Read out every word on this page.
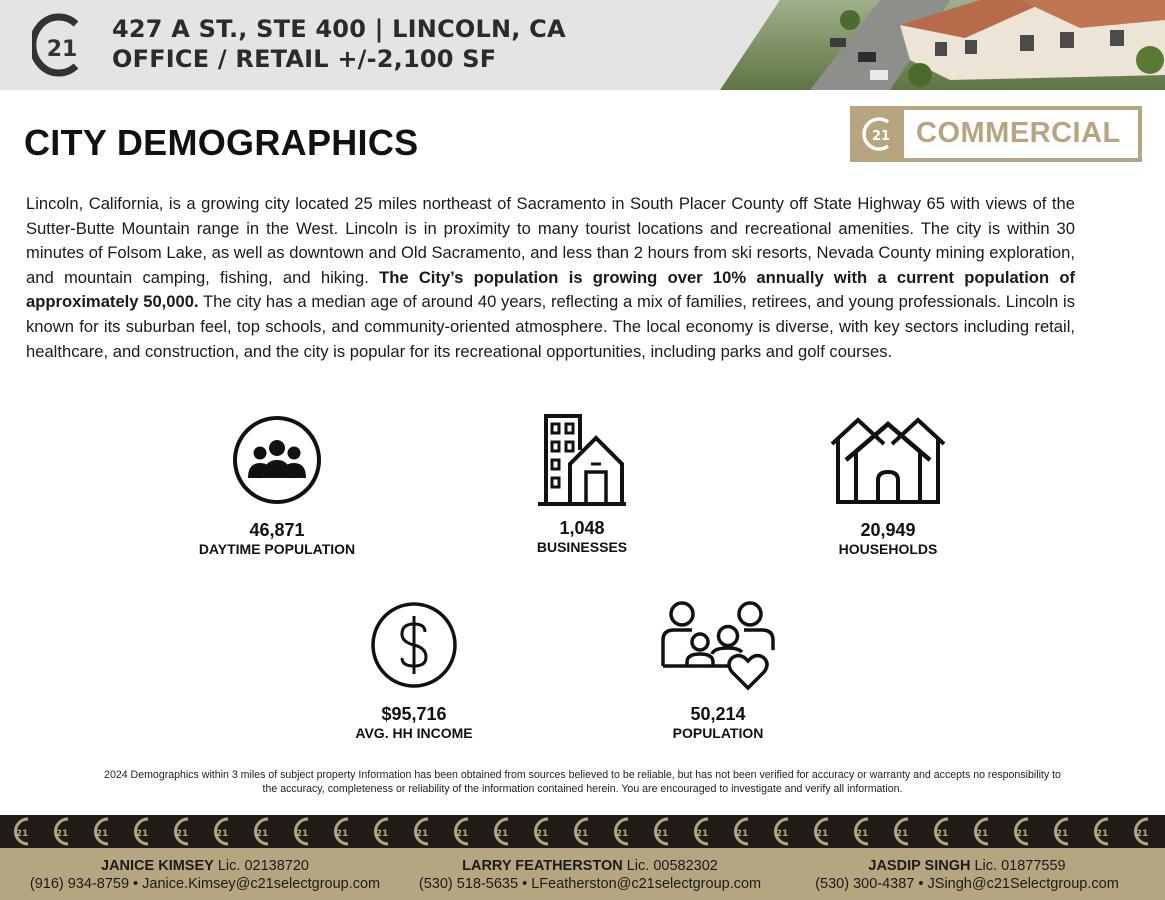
21
427 A ST., STE 400 | LINCOLN, CA
OFFICE / RETAIL +/-2,100 SF
CITY DEMOGRAPHICS	21 COMMERCIAL

Lincoln, California, is a growing city located 25 miles northeast of Sacramento in South Placer County off State Highway 65 with views of the Sutter-Butte Mountain range in the West. Lincoln is in proximity to many tourist locations and recreational amenities. The city is within 30 minutes of Folsom Lake, as well as downtown and Old Sacramento, and less than 2 hours from ski resorts, Nevada County mining exploration, and mountain camping, fishing, and hiking. The City’s population is growing over 10% annually with a current population of approximately 50,000. The city has a median age of around 40 years, reflecting a mix of families, retirees, and young professionals. Lincoln is known for its suburban feel, top schools, and community-oriented atmosphere. The local economy is diverse, with key sectors including retail, healthcare, and construction, and the city is popular for its recreational opportunities, including parks and golf courses.

46,871
DAYTIME POPULATION
1,048
BUSINESSES
20,949
HOUSEHOLDS
$95,716
AVG. HH INCOME
50,214
POPULATION
2024 Demographics within 3 miles of subject property Information has been obtained from sources believed to be reliable, but has not been verified for accuracy or warranty and accepts no responsibility to the accuracy, completeness or reliability of the information contained herein. You are encouraged to investigate and verify all information.
JANICE KIMSEY Lic. 02138720
(916) 934-8759 • Janice.Kimsey@c21selectgroup.com
LARRY FEATHERSTON Lic. 00582302
(530) 518-5635 • LFeatherston@c21selectgroup.com
JASDIP SINGH Lic. 01877559
(530) 300-4387 • JSingh@c21Selectgroup.com
